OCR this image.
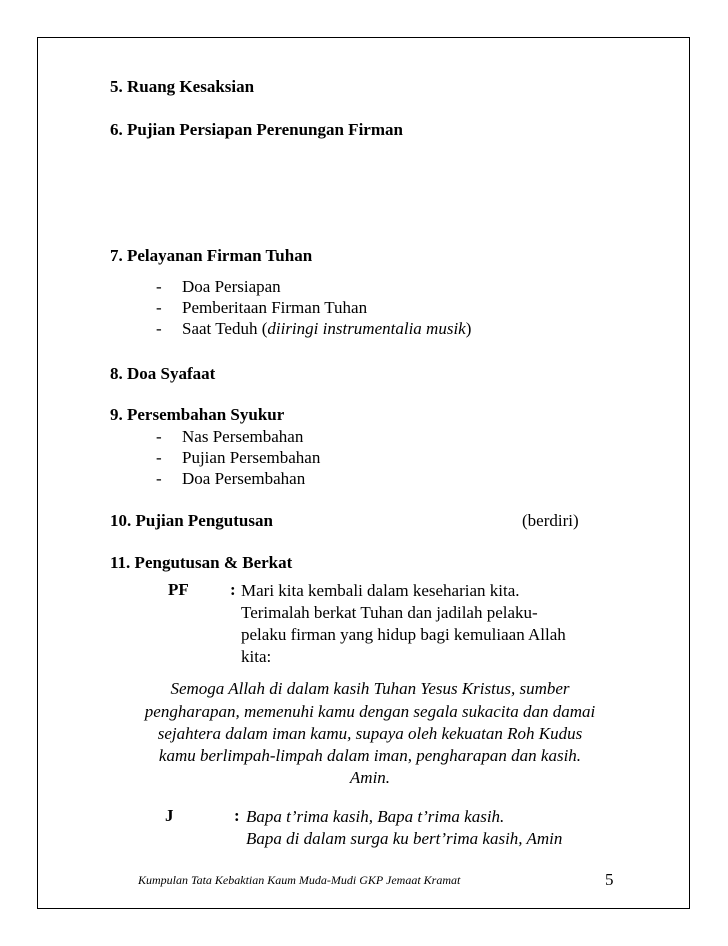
5. Ruang Kesaksian
6. Pujian Persiapan Perenungan Firman
7. Pelayanan Firman Tuhan
- Doa Persiapan
- Pemberitaan Firman Tuhan
- Saat Teduh (diiringi instrumentalia musik)
8. Doa Syafaat
9. Persembahan Syukur
- Nas Persembahan
- Pujian Persembahan
- Doa Persembahan
10. Pujian Pengutusan	(berdiri)
11. Pengutusan & Berkat
PF : Mari kita kembali dalam keseharian kita.
Terimalah berkat Tuhan dan jadilah pelaku-
pelaku firman yang hidup bagi kemuliaan Allah
kita:
Semoga Allah di dalam kasih Tuhan Yesus Kristus, sumber
pengharapan, memenuhi kamu dengan segala sukacita dan damai
sejahtera dalam iman kamu, supaya oleh kekuatan Roh Kudus
kamu berlimpah-limpah dalam iman, pengharapan dan kasih.
Amin.
J	: Bapa t’rima kasih, Bapa t’rima kasih.
Bapa di dalam surga ku bert’rima kasih, Amin
Kumpulan Tata Kebaktian Kaum Muda-Mudi GKP Jemaat Kramat	5
